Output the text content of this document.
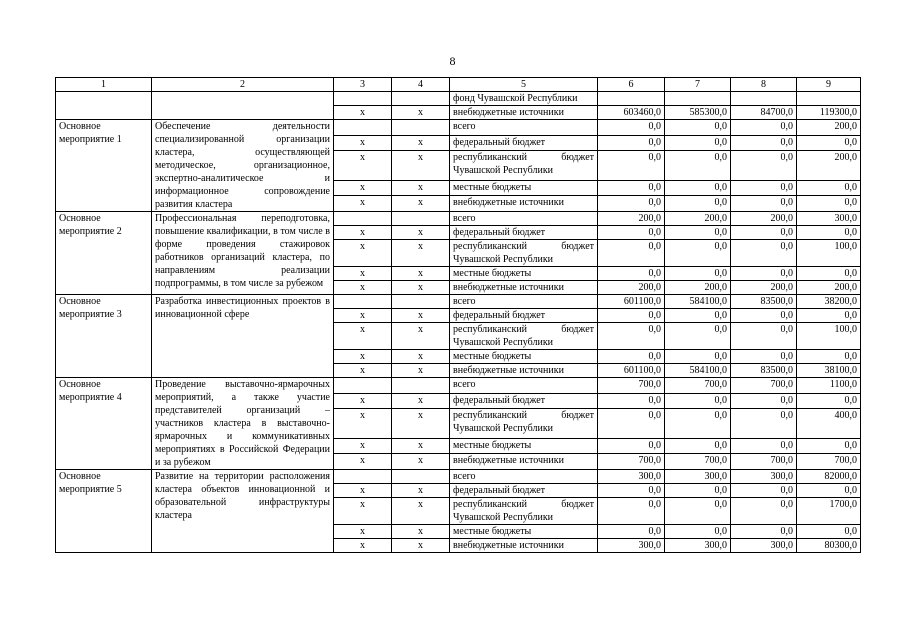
8
1	2	3	4	5	6	7	8	9
				фонд Чувашской Республики				
		х	х	внебюджетные источники	603460,0	585300,0	84700,0	119300,0
Основное мероприятие 1	Обеспечение деятельности специализированной организации кластера, осуществляющей методическое, организационное, экспертно-аналитическое и информационное сопровождение развития кластера			всего	0,0	0,0	0,0	200,0
		х	х	федеральный бюджет	0,0	0,0	0,0	0,0
		х	х	республиканский бюджет Чувашской Республики	0,0	0,0	0,0	200,0
		х	х	местные бюджеты	0,0	0,0	0,0	0,0
		х	х	внебюджетные источники	0,0	0,0	0,0	0,0
Основное мероприятие 2	Профессиональная переподготовка, повышение квалификации, в том числе в форме проведения стажировок работников организаций кластера, по направлениям реализации подпрограммы, в том числе за рубежом			всего	200,0	200,0	200,0	300,0
		х	х	федеральный бюджет	0,0	0,0	0,0	0,0
		х	х	республиканский бюджет Чувашской Республики	0,0	0,0	0,0	100,0
		х	х	местные бюджеты	0,0	0,0	0,0	0,0
		х	х	внебюджетные источники	200,0	200,0	200,0	200,0
Основное мероприятие 3	Разработка инвестиционных проектов в инновационной сфере			всего	601100,0	584100,0	83500,0	38200,0
		х	х	федеральный бюджет	0,0	0,0	0,0	0,0
		х	х	республиканский бюджет Чувашской Республики	0,0	0,0	0,0	100,0
		х	х	местные бюджеты	0,0	0,0	0,0	0,0
		х	х	внебюджетные источники	601100,0	584100,0	83500,0	38100,0
Основное мероприятие 4	Проведение выставочно-ярмарочных мероприятий, а также участие представителей организаций – участников кластера в выставочно-ярмарочных и коммуникативных мероприятиях в Российской Федерации и за рубежом			всего	700,0	700,0	700,0	1100,0
		х	х	федеральный бюджет	0,0	0,0	0,0	0,0
		х	х	республиканский бюджет Чувашской Республики	0,0	0,0	0,0	400,0
		х	х	местные бюджеты	0,0	0,0	0,0	0,0
		х	х	внебюджетные источники	700,0	700,0	700,0	700,0
Основное мероприятие 5	Развитие на территории расположения кластера объектов инновационной и образовательной инфраструктуры кластера			всего	300,0	300,0	300,0	82000,0
		х	х	федеральный бюджет	0,0	0,0	0,0	0,0
		х	х	республиканский бюджет Чувашской Республики	0,0	0,0	0,0	1700,0
		х	х	местные бюджеты	0,0	0,0	0,0	0,0
		х	х	внебюджетные источники	300,0	300,0	300,0	80300,0
